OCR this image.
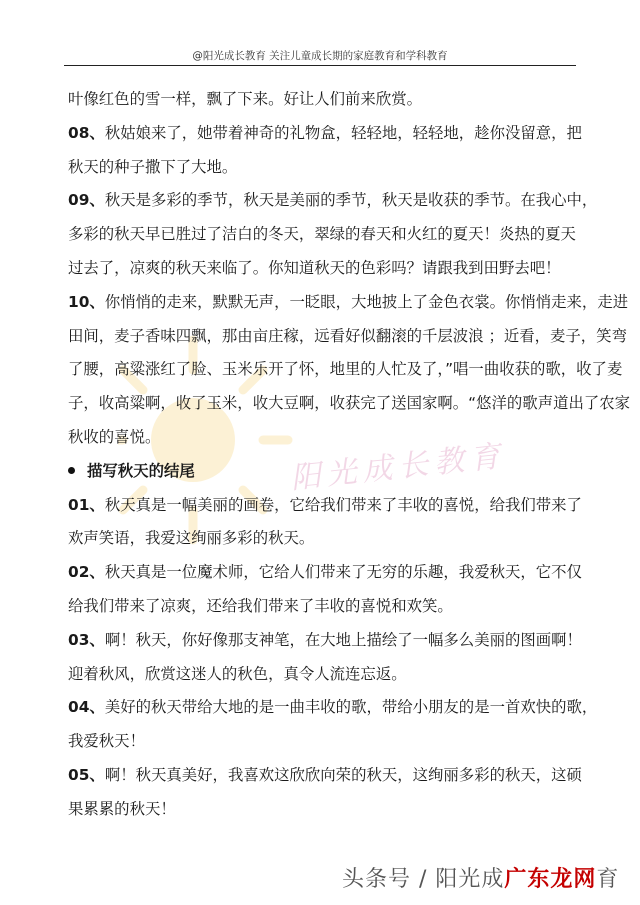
@阳光成长教育 关注儿童成长期的家庭教育和学科教育
阳光成长教育
叶像红色的雪一样，飘了下来。好让人们前来欣赏。
08、秋姑娘来了，她带着神奇的礼物盒，轻轻地，轻轻地，趁你没留意，把
秋天的种子撒下了大地。
09、秋天是多彩的季节，秋天是美丽的季节，秋天是收获的季节。在我心中，
多彩的秋天早已胜过了洁白的冬天，翠绿的春天和火红的夏天！炎热的夏天
过去了，凉爽的秋天来临了。你知道秋天的色彩吗？请跟我到田野去吧！
10、你悄悄的走来，默默无声，一眨眼，大地披上了金色衣裳。你悄悄走来，走进
田间，麦子香味四飘，那由亩庄稼，远看好似翻滚的千层波浪 ；近看，麦子，笑弯
了腰，高粱涨红了脸、玉米乐开了怀，地里的人忙及了，”唱一曲收获的歌，收了麦
子，收高粱啊，收了玉米，收大豆啊，收获完了送国家啊。“悠洋的歌声道出了农家
秋收的喜悦。
描写秋天的结尾
01、秋天真是一幅美丽的画卷，它给我们带来了丰收的喜悦，给我们带来了
欢声笑语，我爱这绚丽多彩的秋天。
02、秋天真是一位魔术师，它给人们带来了无穷的乐趣，我爱秋天，它不仅
给我们带来了凉爽，还给我们带来了丰收的喜悦和欢笑。
03、啊！秋天，你好像那支神笔，在大地上描绘了一幅多么美丽的图画啊！
迎着秋风，欣赏这迷人的秋色，真令人流连忘返。
04、美好的秋天带给大地的是一曲丰收的歌，带给小朋友的是一首欢快的歌，
我爱秋天！
05、啊！秋天真美好，我喜欢这欣欣向荣的秋天，这绚丽多彩的秋天，这硕
果累累的秋天！
头条号 / 阳光成广东龙网育
